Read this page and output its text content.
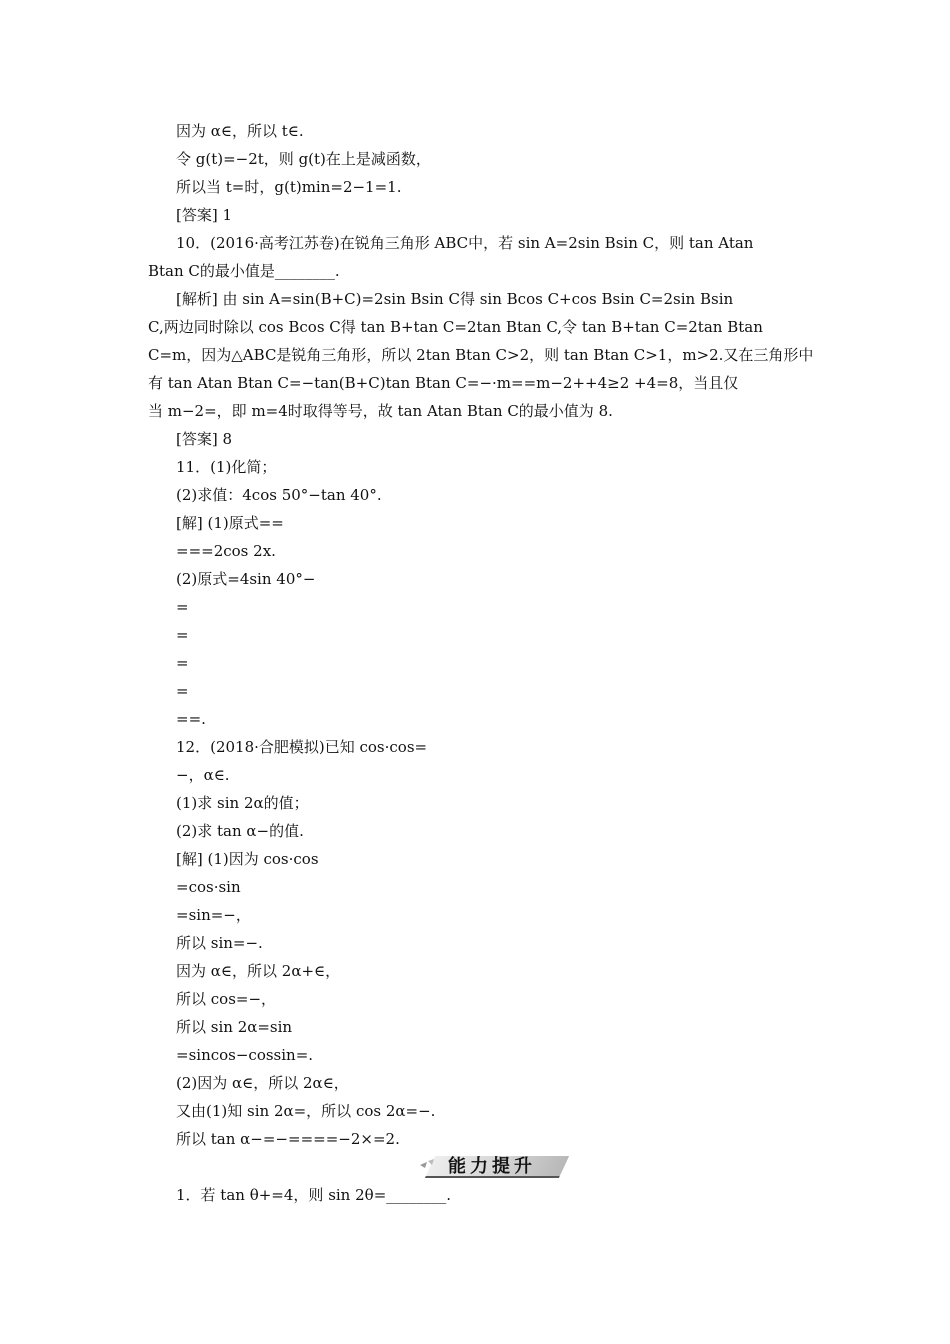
因为 α∈，所以 t∈.
令 g(t)=−2t，则 g(t)在上是减函数，
所以当 t=时，g(t)min=2−1=1.
[答案] 1
10．(2016·高考江苏卷)在锐角三角形 ABC中，若 sin A=2sin Bsin C，则 tan Atan
Btan C的最小值是________.
[解析] 由 sin A=sin(B+C)=2sin Bsin C得 sin Bcos C+cos Bsin C=2sin Bsin
C,两边同时除以 cos Bcos C得 tan B+tan C=2tan Btan C,令 tan B+tan C=2tan Btan
C=m，因为△ABC是锐角三角形，所以 2tan Btan C>2，则 tan Btan C>1，m>2.又在三角形中
有 tan Atan Btan C=−tan(B+C)tan Btan C=−·m==m−2++4≥2 +4=8，当且仅
当 m−2=，即 m=4时取得等号，故 tan Atan Btan C的最小值为 8.
[答案] 8
11．(1)化简；
(2)求值：4cos 50°−tan 40°.
[解] (1)原式==
===2cos 2x.
(2)原式=4sin 40°−
=
=
=
=
==.
12．(2018·合肥模拟)已知 cos·cos=
−，α∈.
(1)求 sin 2α的值；
(2)求 tan α−的值.
[解] (1)因为 cos·cos
=cos·sin
=sin=−，
所以 sin=−.
因为 α∈，所以 2α+∈，
所以 cos=−，
所以 sin 2α=sin
=sincos−cossin=.
(2)因为 α∈，所以 2α∈，
又由(1)知 sin 2α=，所以 cos 2α=−.
所以 tan α−=−====−2×=2.
能力提升
1．若 tan θ+=4，则 sin 2θ=________.
